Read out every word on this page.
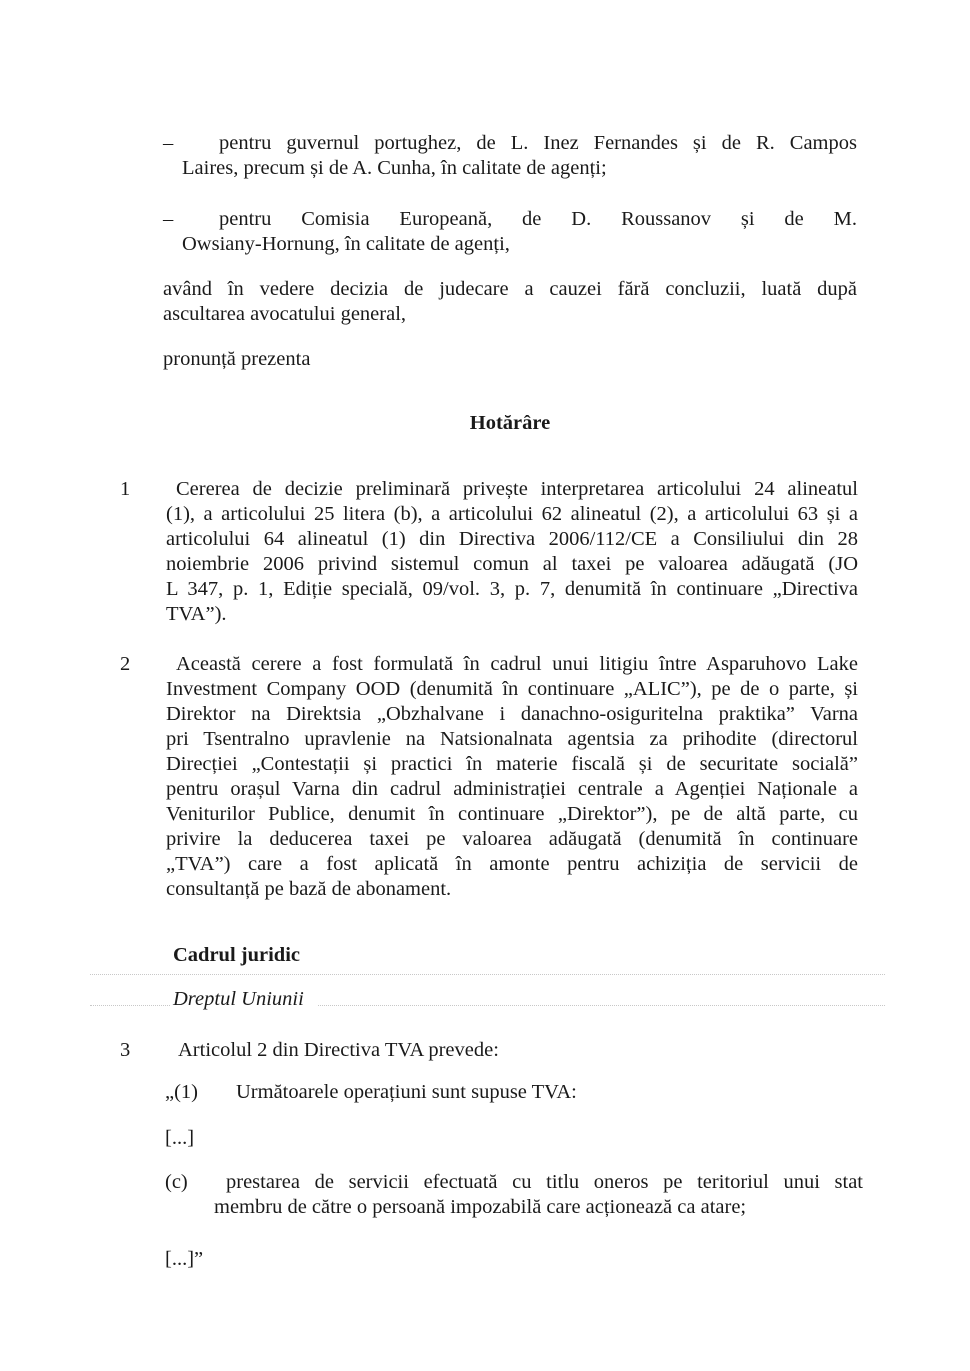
– pentru guvernul portughez, de L. Inez Fernandes și de R. Campos
Laires, precum și de A. Cunha, în calitate de agenți;
– pentru Comisia Europeană, de D. Roussanov și de M.
Owsiany-Hornung, în calitate de agenți,
având în vedere decizia de judecare a cauzei fără concluzii, luată după
ascultarea avocatului general,
pronunță prezenta
Hotărâre
1 Cererea de decizie preliminară privește interpretarea articolului 24 alineatul
(1), a articolului 25 litera (b), a articolului 62 alineatul (2), a articolului 63 și a
articolului 64 alineatul (1) din Directiva 2006/112/CE a Consiliului din 28
noiembrie 2006 privind sistemul comun al taxei pe valoarea adăugată (JO
L 347, p. 1, Ediție specială, 09/vol. 3, p. 7, denumită în continuare „Directiva
TVA”).
2 Această cerere a fost formulată în cadrul unui litigiu între Asparuhovo Lake
Investment Company OOD (denumită în continuare „ALIC”), pe de o parte, și
Direktor na Direktsia „Obzhalvane i danachno-osiguritelna praktika” Varna
pri Tsentralno upravlenie na Natsionalnata agentsia za prihodite (directorul
Direcției „Contestații și practici în materie fiscală și de securitate socială”
pentru orașul Varna din cadrul administrației centrale a Agenției Naționale a
Veniturilor Publice, denumit în continuare „Direktor”), pe de altă parte, cu
privire la deducerea taxei pe valoarea adăugată (denumită în continuare
„TVA”) care a fost aplicată în amonte pentru achiziția de servicii de
consultanță pe bază de abonament.
Cadrul juridic
Dreptul Uniunii
3 Articolul 2 din Directiva TVA prevede:
„(1) Următoarele operațiuni sunt supuse TVA:
[...]
(c) prestarea de servicii efectuată cu titlu oneros pe teritoriul unui stat
membru de către o persoană impozabilă care acționează ca atare;
[...]”
